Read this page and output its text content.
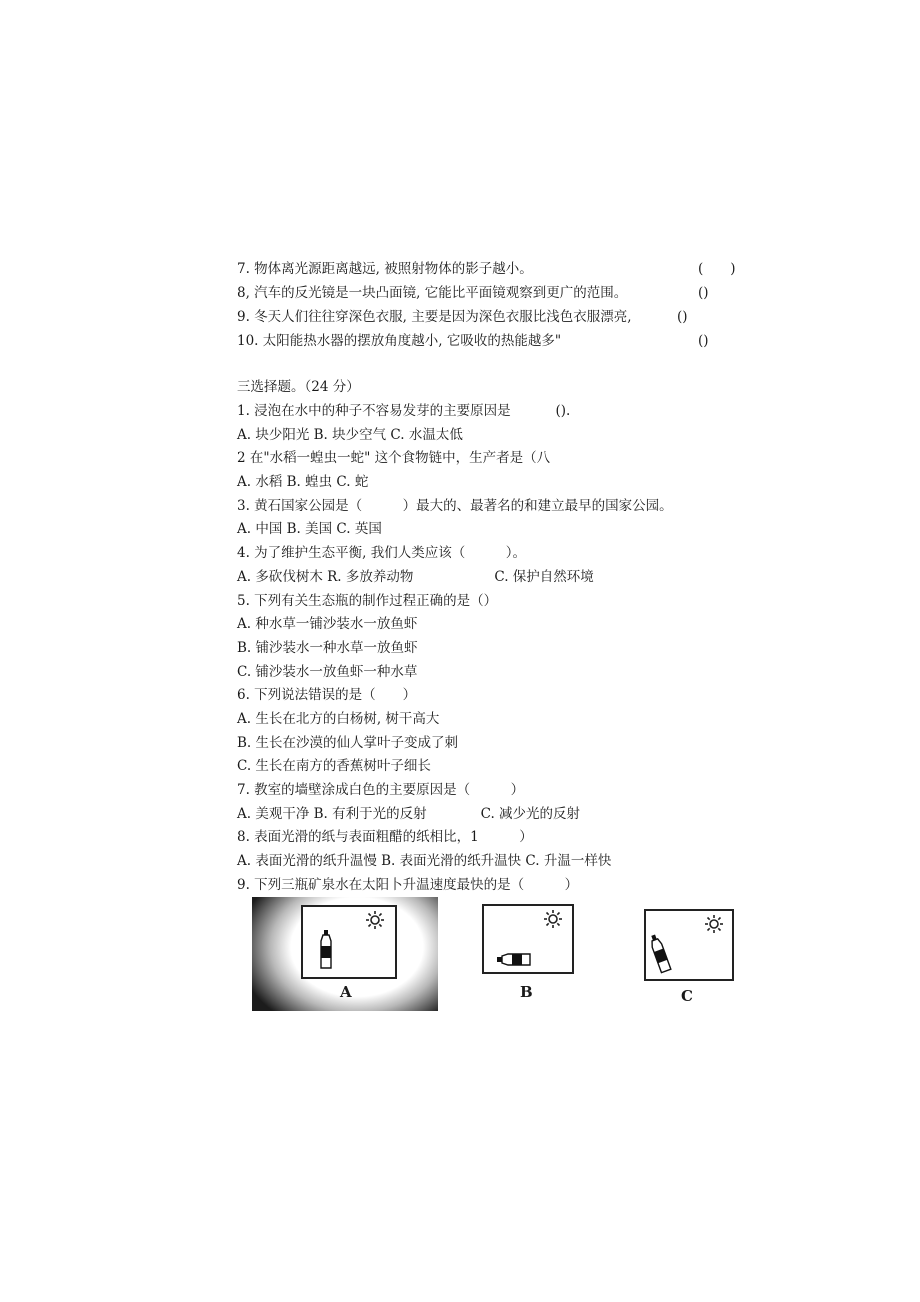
7. 物体离光源距离越远, 被照射物体的影子越小。	(　　)
8, 汽车的反光镜是一块凸面镜, 它能比平面镜观察到更广的范围。	()
9. 冬天人们往往穿深色衣服, 主要是因为深色衣服比浅色衣服漂亮,	()
10. 太阳能热水器的摆放角度越小, 它吸收的热能越多"	()
三选择题。（24 分）
1. 浸泡在水中的种子不容易发芽的主要原因是　　　 ().
A. 块少阳光 B. 块少空气 C. 水温太低
2 在"水稻一蝗虫一蛇" 这个食物链中，生产者是（八
A. 水稻 B. 蝗虫 C. 蛇
3. 黄石国家公园是（　　　）最大的、最著名的和建立最早的国家公园。
A. 中国 B. 美国 C. 英国
4. 为了维护生态平衡, 我们人类应该（　　　）。
A. 多砍伐树木 R. 多放养动物　　　　　　C. 保护自然环境
5. 下列有关生态瓶的制作过程正确的是（）
A. 种水草一铺沙装水一放鱼虾
B. 铺沙装水一种水草一放鱼虾
C. 铺沙装水一放鱼虾一种水草
6. 下列说法错误的是（　　）
A. 生长在北方的白杨树, 树干高大
B. 生长在沙漠的仙人掌叶子变成了刺
C. 生长在南方的香蕉树叶子细长
7. 教室的墙壁涂成白色的主要原因是（　　　）
A. 美观干净 B. 有利于光的反射　　　　C. 减少光的反射
8. 表面光滑的纸与表面粗醋的纸相比，1　　　）
A. 表面光滑的纸升温慢 B. 表面光滑的纸升温快 C. 升温一样快
9. 下列三瓶矿泉水在太阳卜升温速度最快的是（　　　）
A	B	C
